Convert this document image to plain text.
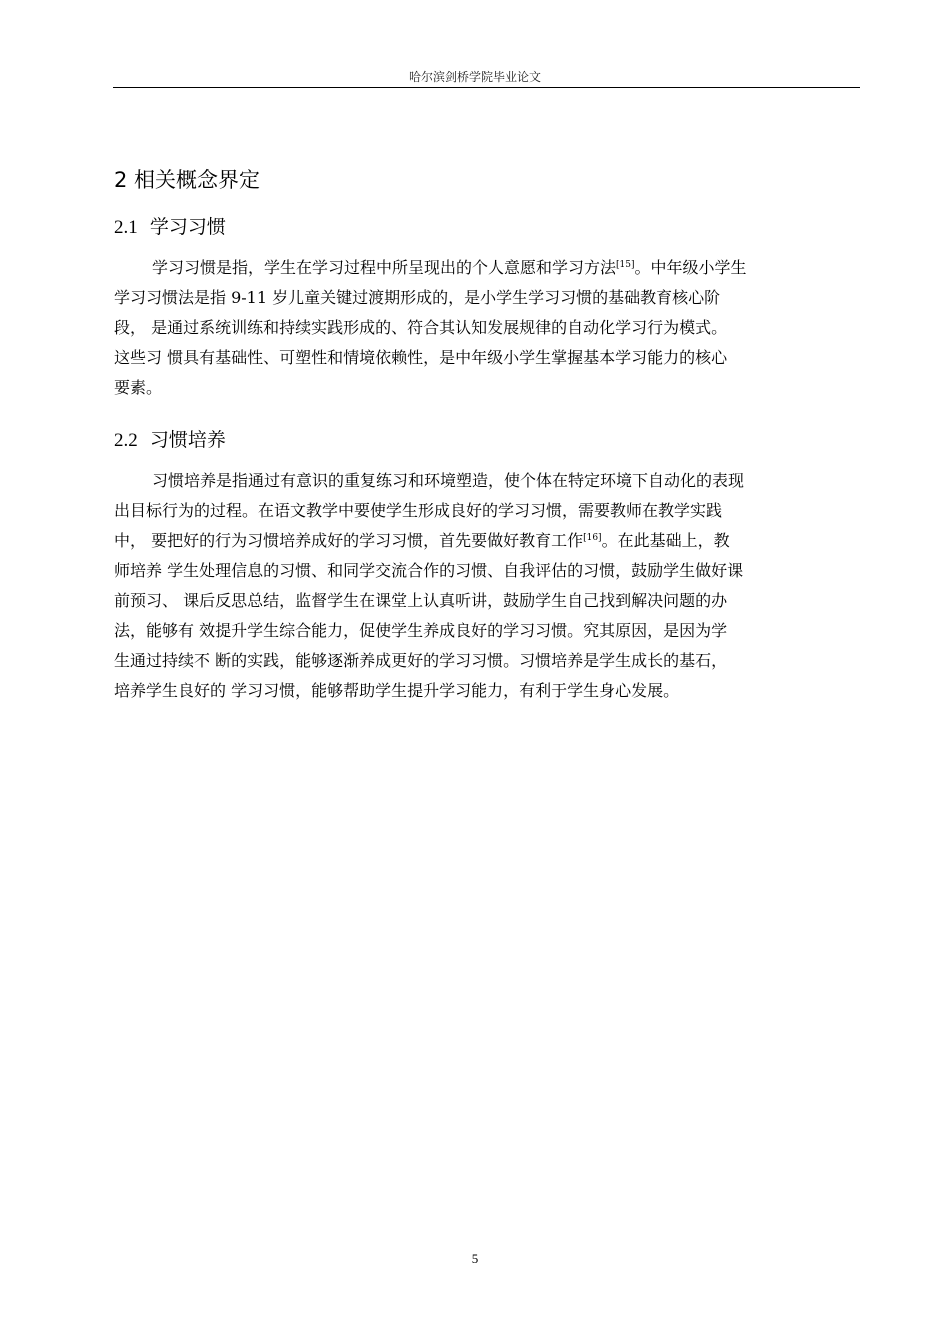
哈尔滨剑桥学院毕业论文
2 相关概念界定
2.1 学习习惯
学习习惯是指，学生在学习过程中所呈现出的个人意愿和学习方法[15]。中年级小学生
学习习惯法是指 9-11 岁儿童关键过渡期形成的，是小学生学习习惯的基础教育核心阶
段， 是通过系统训练和持续实践形成的、符合其认知发展规律的自动化学习行为模式。
这些习 惯具有基础性、可塑性和情境依赖性，是中年级小学生掌握基本学习能力的核心
要素。
2.2 习惯培养
习惯培养是指通过有意识的重复练习和环境塑造，使个体在特定环境下自动化的表现
出目标行为的过程。在语文教学中要使学生形成良好的学习习惯，需要教师在教学实践
中， 要把好的行为习惯培养成好的学习习惯，首先要做好教育工作[16]。在此基础上，教
师培养 学生处理信息的习惯、和同学交流合作的习惯、自我评估的习惯，鼓励学生做好课
前预习、 课后反思总结，监督学生在课堂上认真听讲，鼓励学生自己找到解决问题的办
法，能够有 效提升学生综合能力，促使学生养成良好的学习习惯。究其原因，是因为学
生通过持续不 断的实践，能够逐渐养成更好的学习习惯。习惯培养是学生成长的基石，
培养学生良好的 学习习惯，能够帮助学生提升学习能力，有利于学生身心发展。
5
